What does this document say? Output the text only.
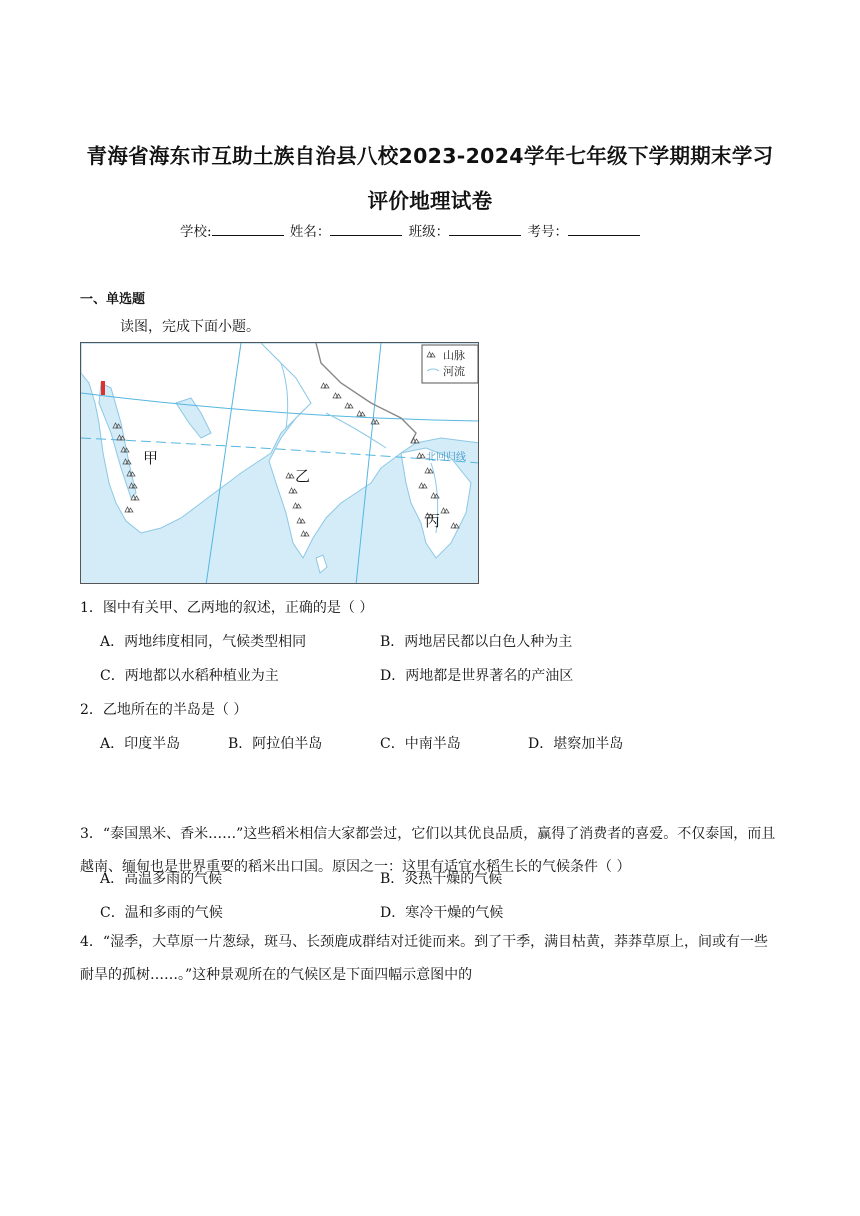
青海省海东市互助土族自治县八校2023-2024学年七年级下学期期末学习
评价地理试卷
学校:	姓名：	班级：	考号：
一、单选题
读图，完成下面小题。
山脉
河流
北回归线
甲
乙
丙
1．图中有关甲、乙两地的叙述，正确的是（ ）
A．两地纬度相同，气候类型相同	B．两地居民都以白色人种为主
C．两地都以水稻种植业为主	D．两地都是世界著名的产油区
2．乙地所在的半岛是（ ）
A．印度半岛	B．阿拉伯半岛	C．中南半岛	D．堪察加半岛
3．“泰国黑米、香米……”这些稻米相信大家都尝过，它们以其优良品质，赢得了消费者的喜爱。不仅泰国，而且越南、缅甸也是世界重要的稻米出口国。原因之一：这里有适宜水稻生长的气候条件（ ）
A．高温多雨的气候	B．炎热干燥的气候
C．温和多雨的气候	D．寒冷干燥的气候
4．“湿季，大草原一片葱绿，斑马、长颈鹿成群结对迁徙而来。到了干季，满目枯黄，莽莽草原上，间或有一些耐旱的孤树……。”这种景观所在的气候区是下面四幅示意图中的
